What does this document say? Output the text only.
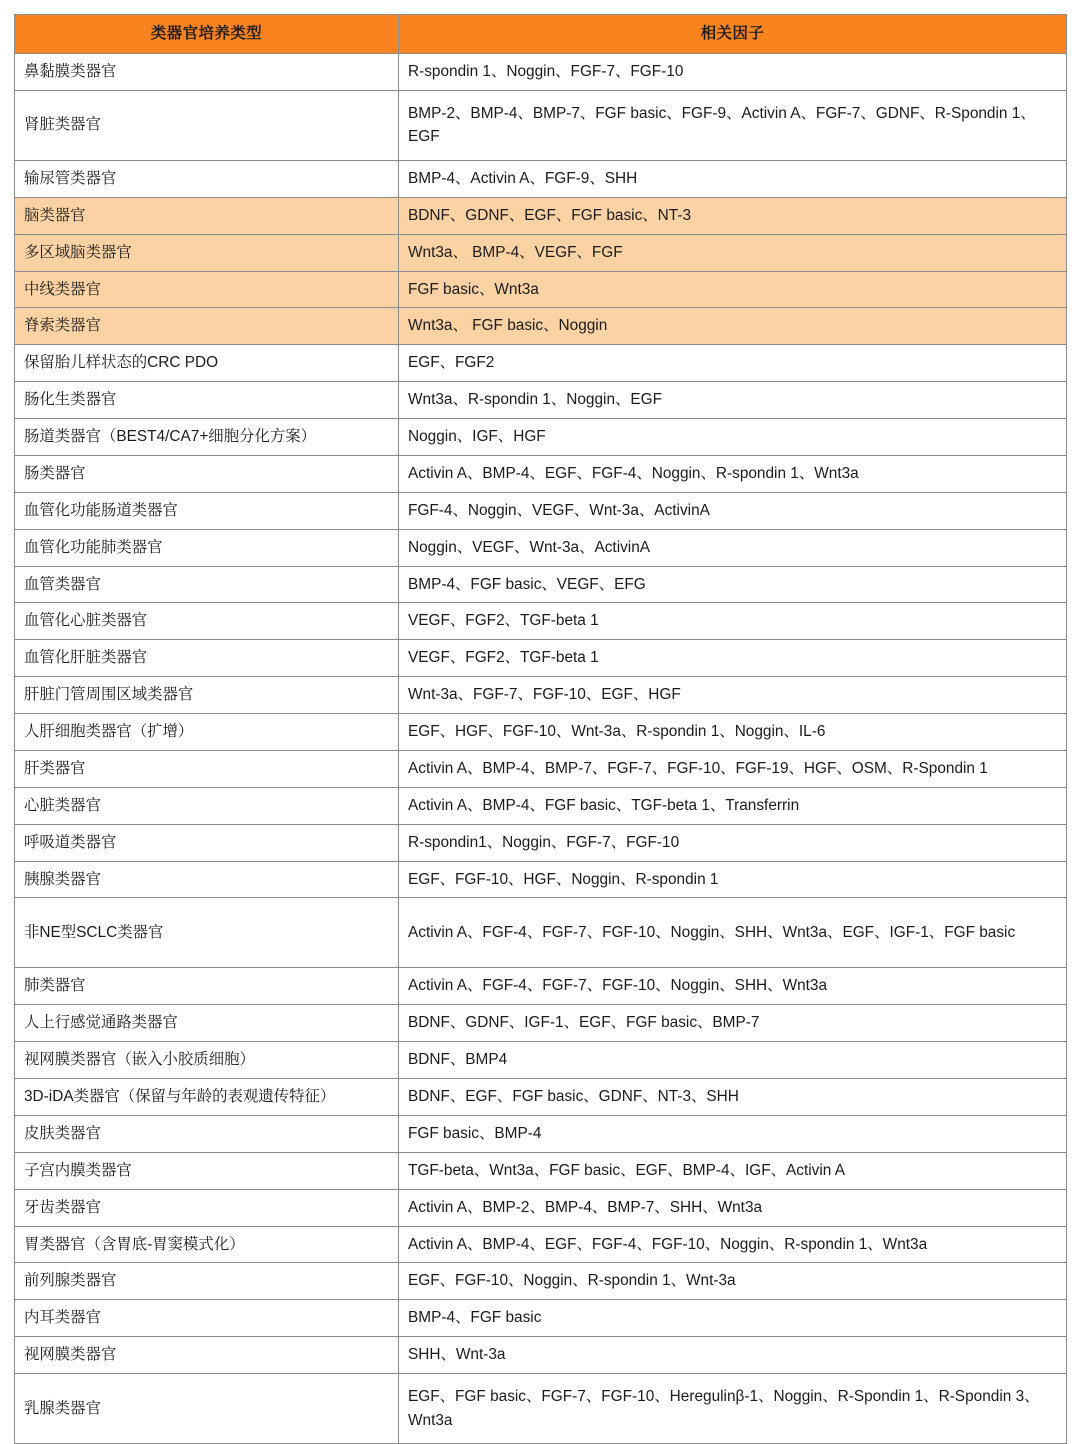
类器官培养类型	相关因子
鼻黏膜类器官	R-spondin 1、Noggin、FGF-7、FGF-10
肾脏类器官	BMP-2、BMP-4、BMP-7、FGF basic、FGF-9、Activin A、FGF-7、GDNF、R-Spondin 1、EGF
输尿管类器官	BMP-4、Activin A、FGF-9、SHH
脑类器官	BDNF、GDNF、EGF、FGF basic、NT-3
多区域脑类器官	Wnt3a、 BMP-4、VEGF、FGF
中线类器官	FGF basic、Wnt3a
脊索类器官	Wnt3a、 FGF basic、Noggin
保留胎儿样状态的CRC PDO	EGF、FGF2
肠化生类器官	Wnt3a、R-spondin 1、Noggin、EGF
肠道类器官（BEST4/CA7+细胞分化方案）	Noggin、IGF、HGF
肠类器官	Activin A、BMP-4、EGF、FGF-4、Noggin、R-spondin 1、Wnt3a
血管化功能肠道类器官	FGF-4、Noggin、VEGF、Wnt-3a、ActivinA
血管化功能肺类器官	Noggin、VEGF、Wnt-3a、ActivinA
血管类器官	BMP-4、FGF basic、VEGF、EFG
血管化心脏类器官	VEGF、FGF2、TGF-beta 1
血管化肝脏类器官	VEGF、FGF2、TGF-beta 1
肝脏门管周围区域类器官	Wnt-3a、FGF-7、FGF-10、EGF、HGF
人肝细胞类器官（扩增）	EGF、HGF、FGF-10、Wnt-3a、R-spondin 1、Noggin、IL-6
肝类器官	Activin A、BMP-4、BMP-7、FGF-7、FGF-10、FGF-19、HGF、OSM、R-Spondin 1
心脏类器官	Activin A、BMP-4、FGF basic、TGF-beta 1、Transferrin
呼吸道类器官	R-spondin1、Noggin、FGF-7、FGF-10
胰腺类器官	EGF、FGF-10、HGF、Noggin、R-spondin 1
非NE型SCLC类器官	Activin A、FGF-4、FGF-7、FGF-10、Noggin、SHH、Wnt3a、EGF、IGF-1、FGF basic
肺类器官	Activin A、FGF-4、FGF-7、FGF-10、Noggin、SHH、Wnt3a
人上行感觉通路类器官	BDNF、GDNF、IGF-1、EGF、FGF basic、BMP-7
视网膜类器官（嵌入小胶质细胞）	BDNF、BMP4
3D-iDA类器官（保留与年龄的表观遗传特征）	BDNF、EGF、FGF basic、GDNF、NT-3、SHH
皮肤类器官	FGF basic、BMP-4
子宫内膜类器官	TGF-beta、Wnt3a、FGF basic、EGF、BMP-4、IGF、Activin A
牙齿类器官	Activin A、BMP-2、BMP-4、BMP-7、SHH、Wnt3a
胃类器官（含胃底-胃窦模式化）	Activin A、BMP-4、EGF、FGF-4、FGF-10、Noggin、R-spondin 1、Wnt3a
前列腺类器官	EGF、FGF-10、Noggin、R-spondin 1、Wnt-3a
内耳类器官	BMP-4、FGF basic
视网膜类器官	SHH、Wnt-3a
乳腺类器官	EGF、FGF basic、FGF-7、FGF-10、Heregulinβ-1、Noggin、R-Spondin 1、R-Spondin 3、Wnt3a
